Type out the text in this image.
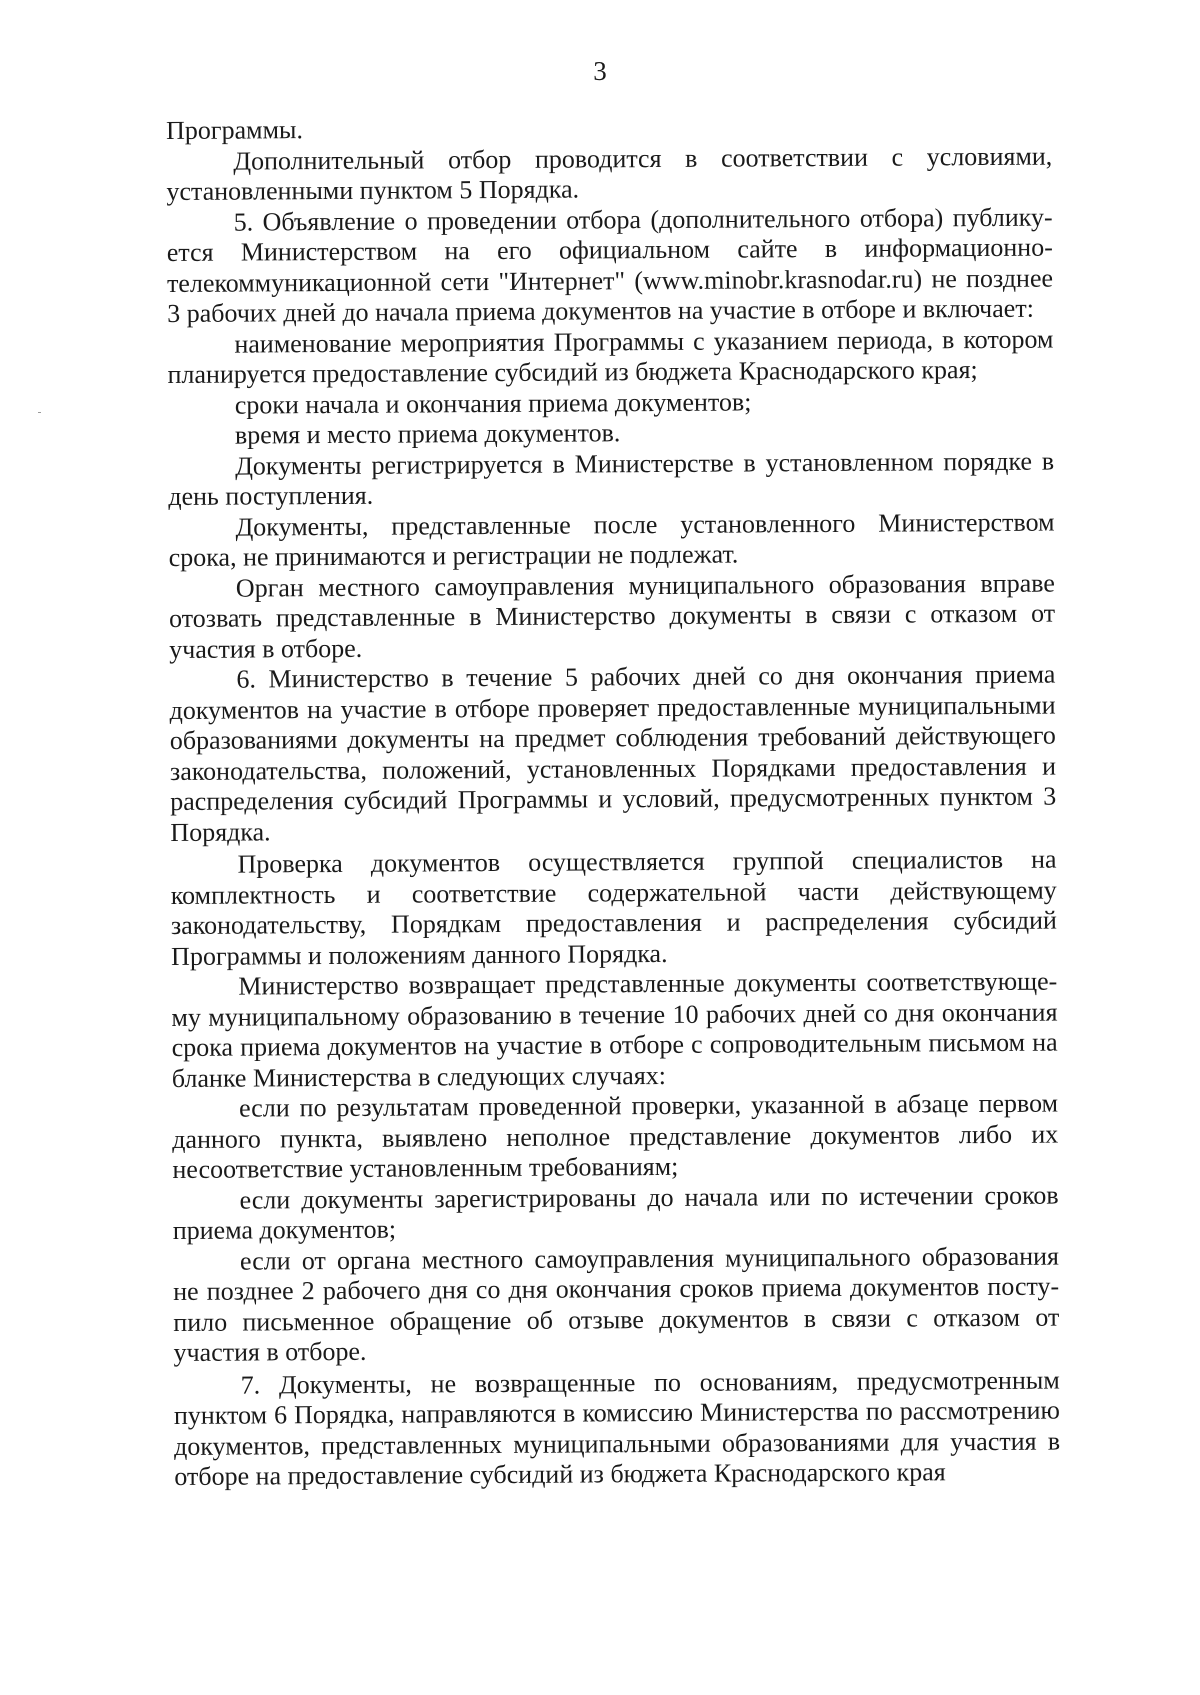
3

Программы.

Дополнительный отбор проводится в соответствии с условиями, установленными пунктом 5 Порядка.

5. Объявление о проведении отбора (дополнительного отбора) публикуется Министерством на его официальном сайте в информационно-телекоммуникационной сети "Интернет" (www.minobr.krasnodar.ru) не позднее 3 рабочих дней до начала приема документов на участие в отборе и включает:

наименование мероприятия Программы с указанием периода, в котором планируется предоставление субсидий из бюджета Краснодарского края;

сроки начала и окончания приема документов;

время и место приема документов.

Документы регистрируется в Министерстве в установленном порядке в день поступления.

Документы, представленные после установленного Министерством срока, не принимаются и регистрации не подлежат.

Орган местного самоуправления муниципального образования вправе отозвать представленные в Министерство документы в связи с отказом от участия в отборе.

6. Министерство в течение 5 рабочих дней со дня окончания приема документов на участие в отборе проверяет предоставленные муниципальными образованиями документы на предмет соблюдения требований действующего законодательства, положений, установленных Порядками предоставления и распределения субсидий Программы и условий, предусмотренных пунктом 3 Порядка.

Проверка документов осуществляется группой специалистов на комплектность и соответствие содержательной части действующему законодательству, Порядкам предоставления и распределения субсидий Программы и положениям данного Порядка.

Министерство возвращает представленные документы соответствующему муниципальному образованию в течение 10 рабочих дней со дня окончания срока приема документов на участие в отборе с сопроводительным письмом на бланке Министерства в следующих случаях:

если по результатам проведенной проверки, указанной в абзаце первом данного пункта, выявлено неполное представление документов либо их несоответствие установленным требованиям;

если документы зарегистрированы до начала или по истечении сроков приема документов;

если от органа местного самоуправления муниципального образования не позднее 2 рабочего дня со дня окончания сроков приема документов поступило письменное обращение об отзыве документов в связи с отказом от участия в отборе.

7. Документы, не возвращенные по основаниям, предусмотренным пунктом 6 Порядка, направляются в комиссию Министерства по рассмотрению документов, представленных муниципальными образованиями для участия в отборе на предоставление субсидий из бюджета Краснодарского края
